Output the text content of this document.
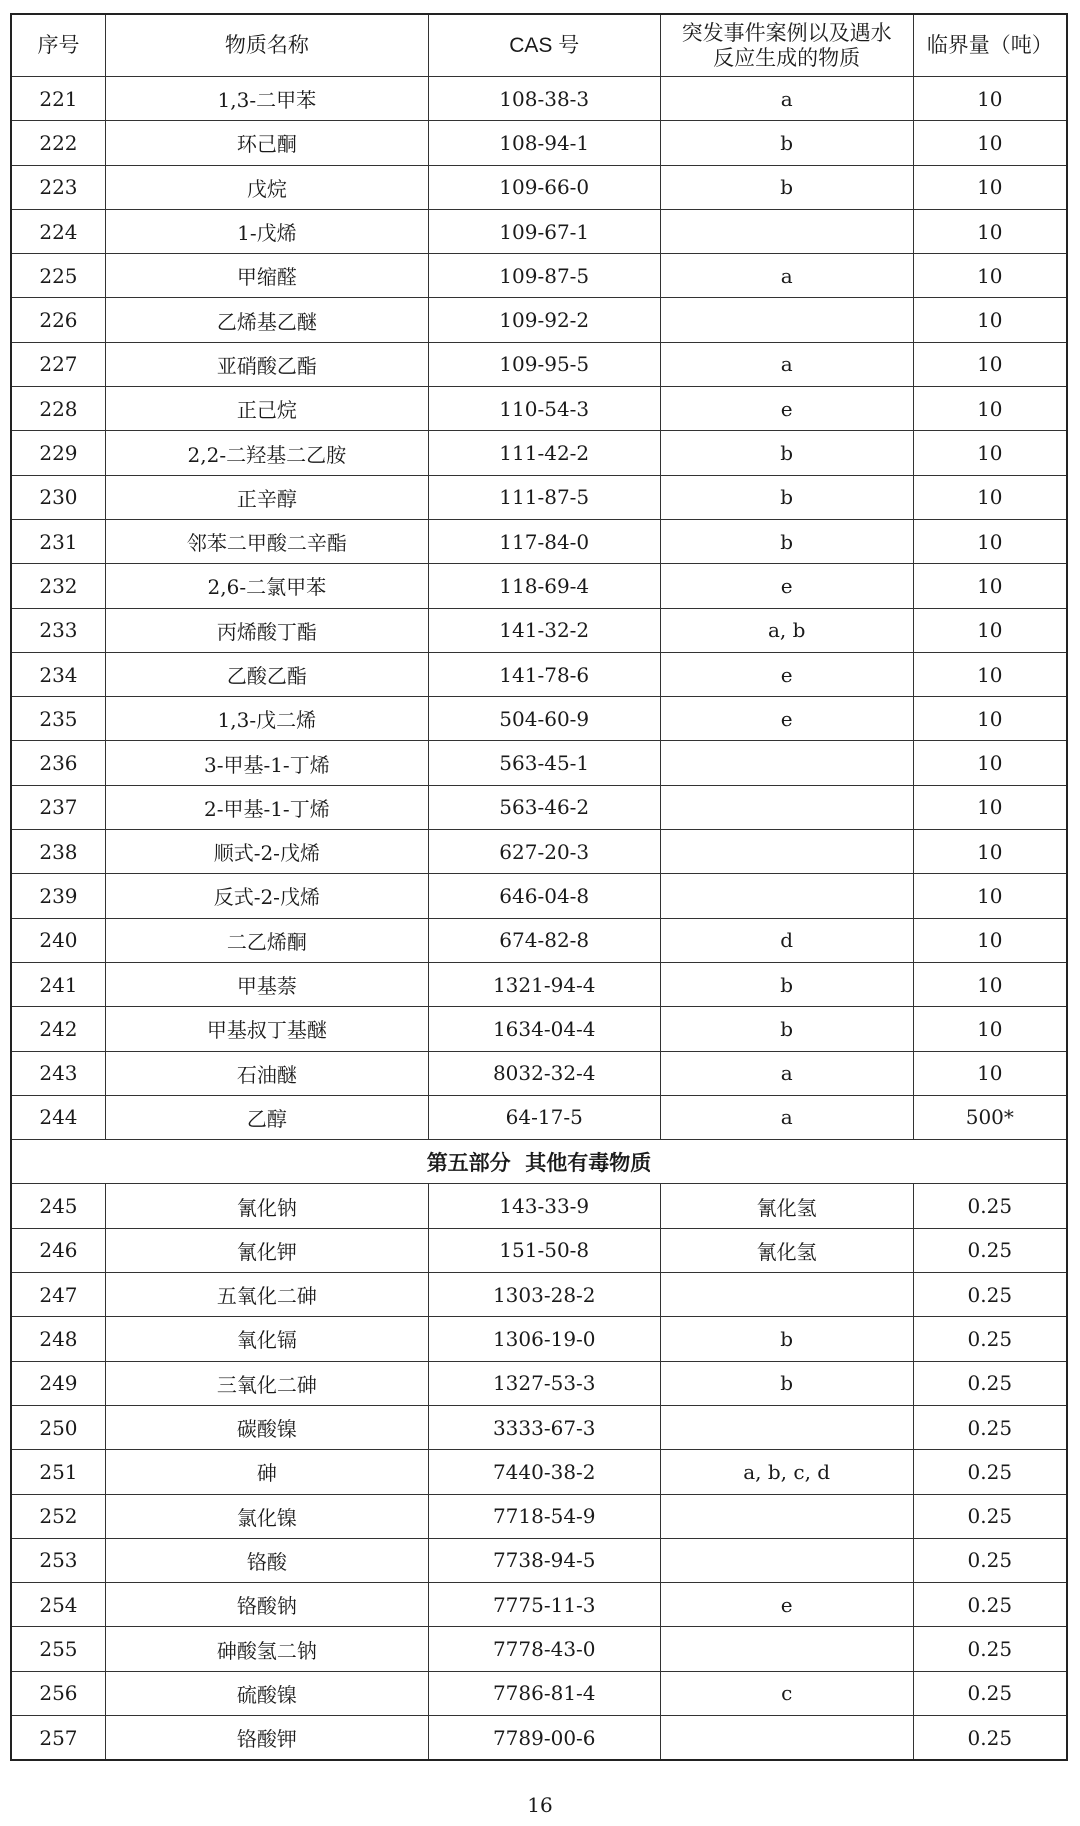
序号	物质名称	CAS 号	突发事件案例以及遇水反应生成的物质	临界量（吨）
221	1,3-二甲苯	108-38-3	a	10
222	环己酮	108-94-1	b	10
223	戊烷	109-66-0	b	10
224	1-戊烯	109-67-1		10
225	甲缩醛	109-87-5	a	10
226	乙烯基乙醚	109-92-2		10
227	亚硝酸乙酯	109-95-5	a	10
228	正己烷	110-54-3	e	10
229	2,2-二羟基二乙胺	111-42-2	b	10
230	正辛醇	111-87-5	b	10
231	邻苯二甲酸二辛酯	117-84-0	b	10
232	2,6-二氯甲苯	118-69-4	e	10
233	丙烯酸丁酯	141-32-2	a, b	10
234	乙酸乙酯	141-78-6	e	10
235	1,3-戊二烯	504-60-9	e	10
236	3-甲基-1-丁烯	563-45-1		10
237	2-甲基-1-丁烯	563-46-2		10
238	顺式-2-戊烯	627-20-3		10
239	反式-2-戊烯	646-04-8		10
240	二乙烯酮	674-82-8	d	10
241	甲基萘	1321-94-4	b	10
242	甲基叔丁基醚	1634-04-4	b	10
243	石油醚	8032-32-4	a	10
244	乙醇	64-17-5	a	500*
第五部分  其他有毒物质				
245	氰化钠	143-33-9	氰化氢	0.25
246	氰化钾	151-50-8	氰化氢	0.25
247	五氧化二砷	1303-28-2		0.25
248	氧化镉	1306-19-0	b	0.25
249	三氧化二砷	1327-53-3	b	0.25
250	碳酸镍	3333-67-3		0.25
251	砷	7440-38-2	a, b, c, d	0.25
252	氯化镍	7718-54-9		0.25
253	铬酸	7738-94-5		0.25
254	铬酸钠	7775-11-3	e	0.25
255	砷酸氢二钠	7778-43-0		0.25
256	硫酸镍	7786-81-4	c	0.25
257	铬酸钾	7789-00-6		0.25
16
